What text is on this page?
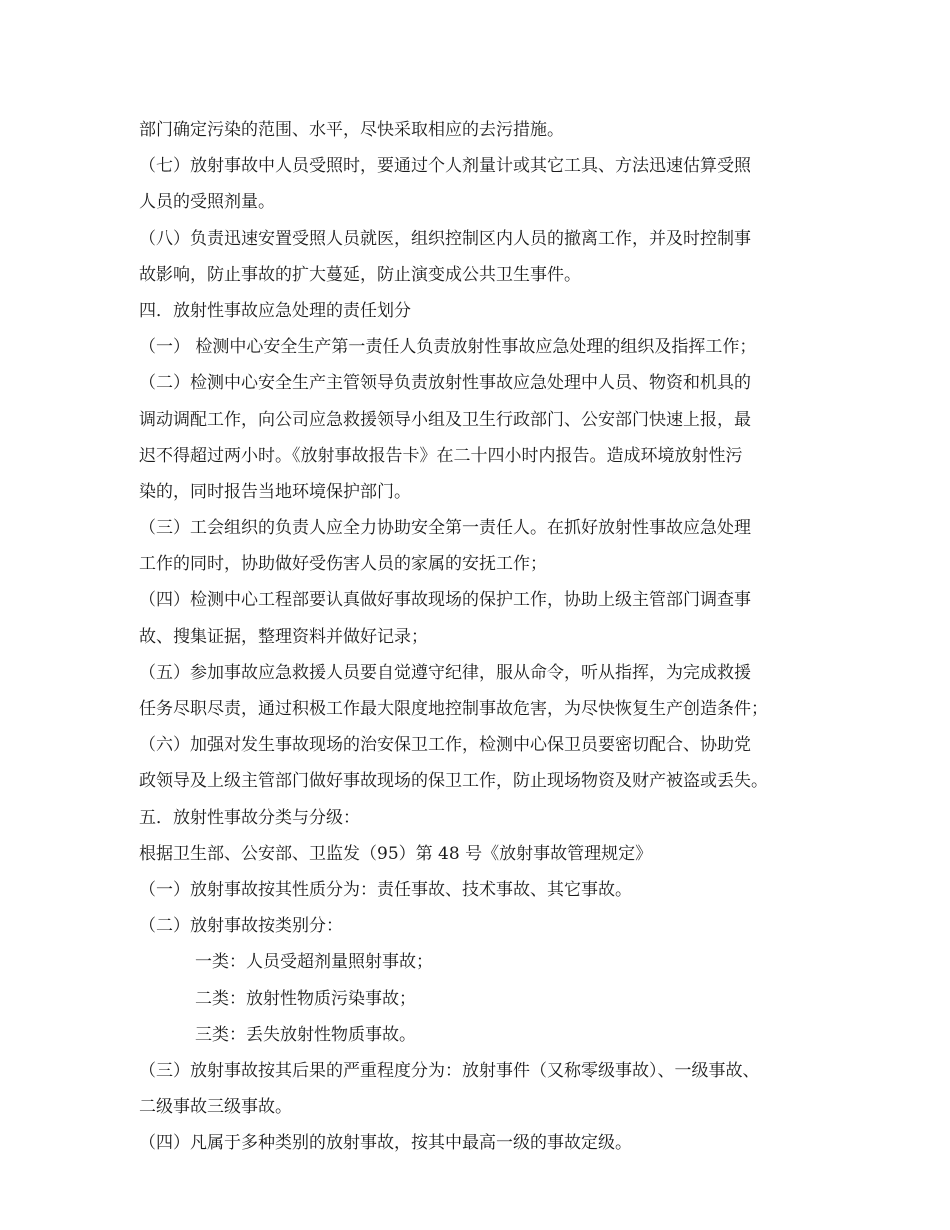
部门确定污染的范围、水平，尽快采取相应的去污措施。
（七）放射事故中人员受照时，要通过个人剂量计或其它工具、方法迅速估算受照
人员的受照剂量。
（八）负责迅速安置受照人员就医，组织控制区内人员的撤离工作，并及时控制事
故影响，防止事故的扩大蔓延，防止演变成公共卫生事件。
四．放射性事故应急处理的责任划分
（一） 检测中心安全生产第一责任人负责放射性事故应急处理的组织及指挥工作；
（二）检测中心安全生产主管领导负责放射性事故应急处理中人员、物资和机具的
调动调配工作，向公司应急救援领导小组及卫生行政部门、公安部门快速上报，最
迟不得超过两小时。《放射事故报告卡》在二十四小时内报告。造成环境放射性污
染的，同时报告当地环境保护部门。
（三）工会组织的负责人应全力协助安全第一责任人。在抓好放射性事故应急处理
工作的同时，协助做好受伤害人员的家属的安抚工作；
（四）检测中心工程部要认真做好事故现场的保护工作，协助上级主管部门调查事
故、搜集证据，整理资料并做好记录；
（五）参加事故应急救援人员要自觉遵守纪律，服从命令，听从指挥，为完成救援
任务尽职尽责，通过积极工作最大限度地控制事故危害，为尽快恢复生产创造条件；
（六）加强对发生事故现场的治安保卫工作，检测中心保卫员要密切配合、协助党
政领导及上级主管部门做好事故现场的保卫工作，防止现场物资及财产被盗或丢失。
五．放射性事故分类与分级：
根据卫生部、公安部、卫监发（95）第 48 号《放射事故管理规定》
（一）放射事故按其性质分为：责任事故、技术事故、其它事故。
（二）放射事故按类别分：
一类：人员受超剂量照射事故；
二类：放射性物质污染事故；
三类：丢失放射性物质事故。
（三）放射事故按其后果的严重程度分为：放射事件（又称零级事故）、一级事故、
二级事故三级事故。
（四）凡属于多种类别的放射事故，按其中最高一级的事故定级。
